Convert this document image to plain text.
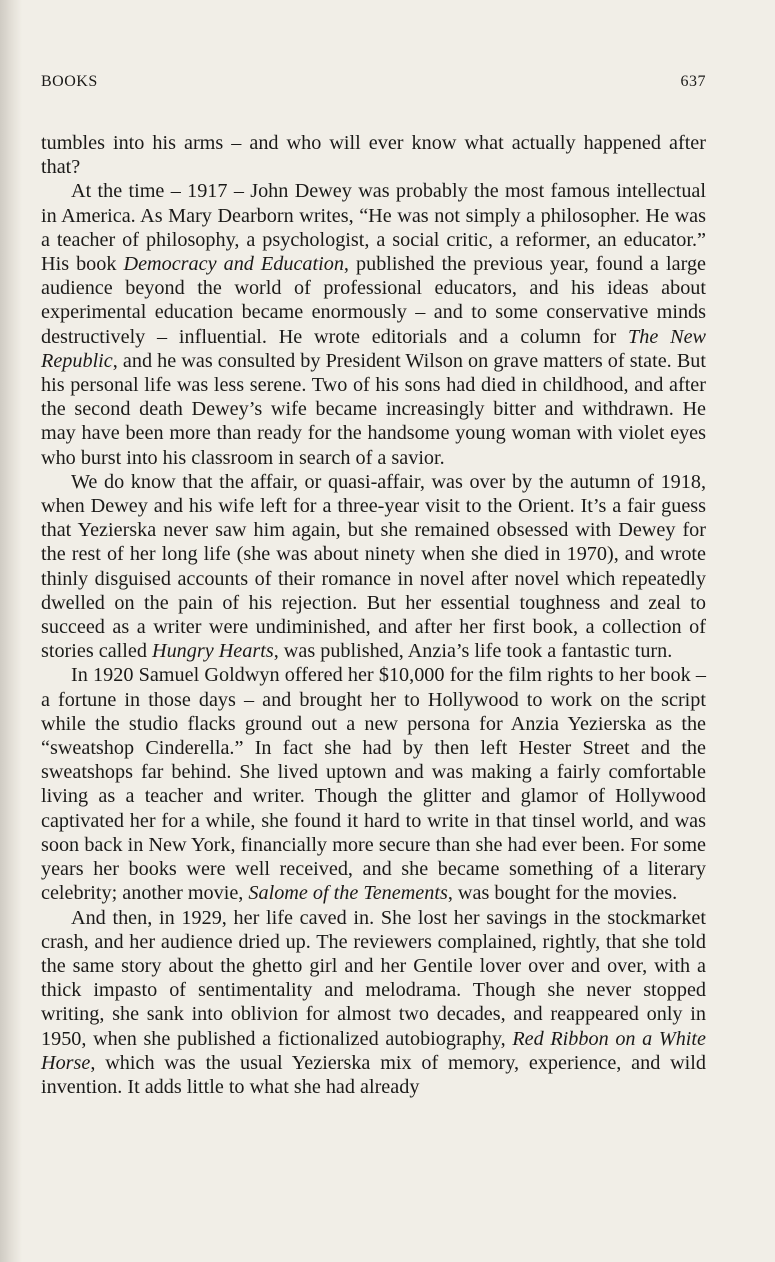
BOOKS	637

tumbles into his arms – and who will ever know what actually happened after that?

At the time – 1917 – John Dewey was probably the most famous intellectual in America. As Mary Dearborn writes, “He was not simply a philosopher. He was a teacher of philosophy, a psychologist, a social critic, a reformer, an educator.” His book Democracy and Education, published the previous year, found a large audience beyond the world of professional educators, and his ideas about experimental education became enormously – and to some conservative minds destructively – influential. He wrote editorials and a column for The New Republic, and he was consulted by President Wilson on grave matters of state. But his personal life was less serene. Two of his sons had died in childhood, and after the second death Dewey’s wife became increasingly bitter and withdrawn. He may have been more than ready for the handsome young woman with violet eyes who burst into his classroom in search of a savior.

We do know that the affair, or quasi-affair, was over by the autumn of 1918, when Dewey and his wife left for a three-year visit to the Orient. It’s a fair guess that Yezierska never saw him again, but she remained obsessed with Dewey for the rest of her long life (she was about ninety when she died in 1970), and wrote thinly disguised accounts of their romance in novel after novel which repeatedly dwelled on the pain of his rejection. But her essential toughness and zeal to succeed as a writer were undiminished, and after her first book, a collection of stories called Hungry Hearts, was published, Anzia’s life took a fantastic turn.

In 1920 Samuel Goldwyn offered her $10,000 for the film rights to her book – a fortune in those days – and brought her to Hollywood to work on the script while the studio flacks ground out a new persona for Anzia Yezierska as the “sweatshop Cinderella.” In fact she had by then left Hester Street and the sweatshops far behind. She lived uptown and was making a fairly comfortable living as a teacher and writer. Though the glitter and glamor of Hollywood captivated her for a while, she found it hard to write in that tinsel world, and was soon back in New York, financially more secure than she had ever been. For some years her books were well received, and she became something of a literary celebrity; another movie, Salome of the Tenements, was bought for the movies.

And then, in 1929, her life caved in. She lost her savings in the stockmarket crash, and her audience dried up. The reviewers complained, rightly, that she told the same story about the ghetto girl and her Gentile lover over and over, with a thick impasto of sentimentality and melodrama. Though she never stopped writing, she sank into oblivion for almost two decades, and reappeared only in 1950, when she published a fictionalized autobiography, Red Ribbon on a White Horse, which was the usual Yezierska mix of memory, experience, and wild invention. It adds little to what she had already
